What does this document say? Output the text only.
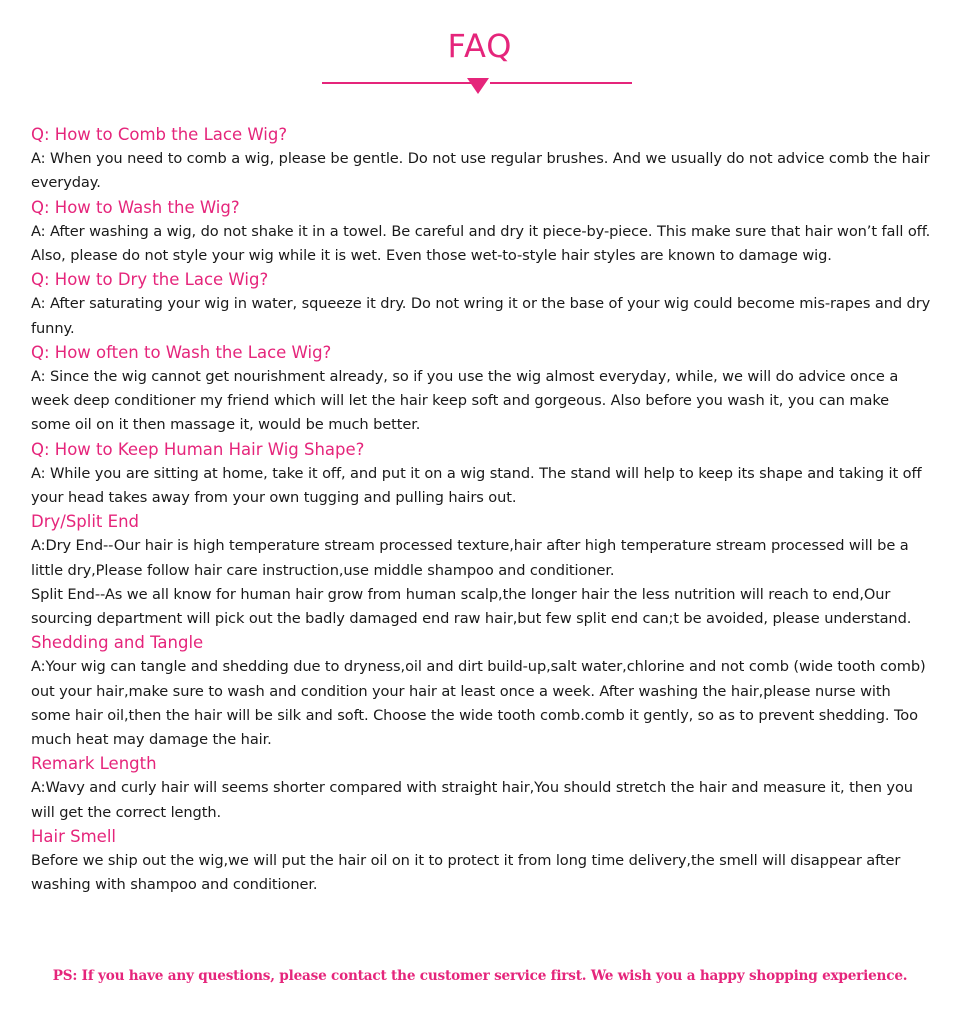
FAQ

Q: How to Comb the Lace Wig?

A: When you need to comb a wig, please be gentle. Do not use regular brushes. And we usually do not advice comb the hair everyday.

Q: How to Wash the Wig?

A: After washing a wig, do not shake it in a towel. Be careful and dry it piece-by-piece. This make sure that hair won’t fall off. Also, please do not style your wig while it is wet. Even those wet-to-style hair styles are known to damage wig.

Q: How to Dry the Lace Wig?

A: After saturating your wig in water, squeeze it dry. Do not wring it or the base of your wig could become mis-rapes and dry funny.

Q: How often to Wash the Lace Wig?

A: Since the wig cannot get nourishment already, so if you use the wig almost everyday, while, we will do advice once a week deep conditioner my friend which will let the hair keep soft and gorgeous. Also before you wash it, you can make some oil on it then massage it, would be much better.

Q: How to Keep Human Hair Wig Shape?

A: While you are sitting at home, take it off, and put it on a wig stand. The stand will help to keep its shape and taking it off your head takes away from your own tugging and pulling hairs out.

Dry/Split End

A:Dry End--Our hair is high temperature stream processed texture,hair after high temperature stream processed will be a little dry,Please follow hair care instruction,use middle shampoo and conditioner.

Split End--As we all know for human hair grow from human scalp,the longer hair the less nutrition will reach to end,Our sourcing department will pick out the badly damaged end raw hair,but few split end can;t be avoided, please understand.

Shedding and Tangle

A:Your wig can tangle and shedding due to dryness,oil and dirt build-up,salt water,chlorine and not comb (wide tooth comb) out your hair,make sure to wash and condition your hair at least once a week. After washing the hair,please nurse with some hair oil,then the hair will be silk and soft. Choose the wide tooth comb.comb it gently, so as to prevent shedding. Too much heat may damage the hair.

Remark Length

A:Wavy and curly hair will seems shorter compared with straight hair,You should stretch the hair and measure it, then you will get the correct length.

Hair Smell

Before we ship out the wig,we will put the hair oil on it to protect it from long time delivery,the smell will disappear after washing with shampoo and conditioner.

PS: If you have any questions, please contact the customer service first. We wish you a happy shopping experience.
